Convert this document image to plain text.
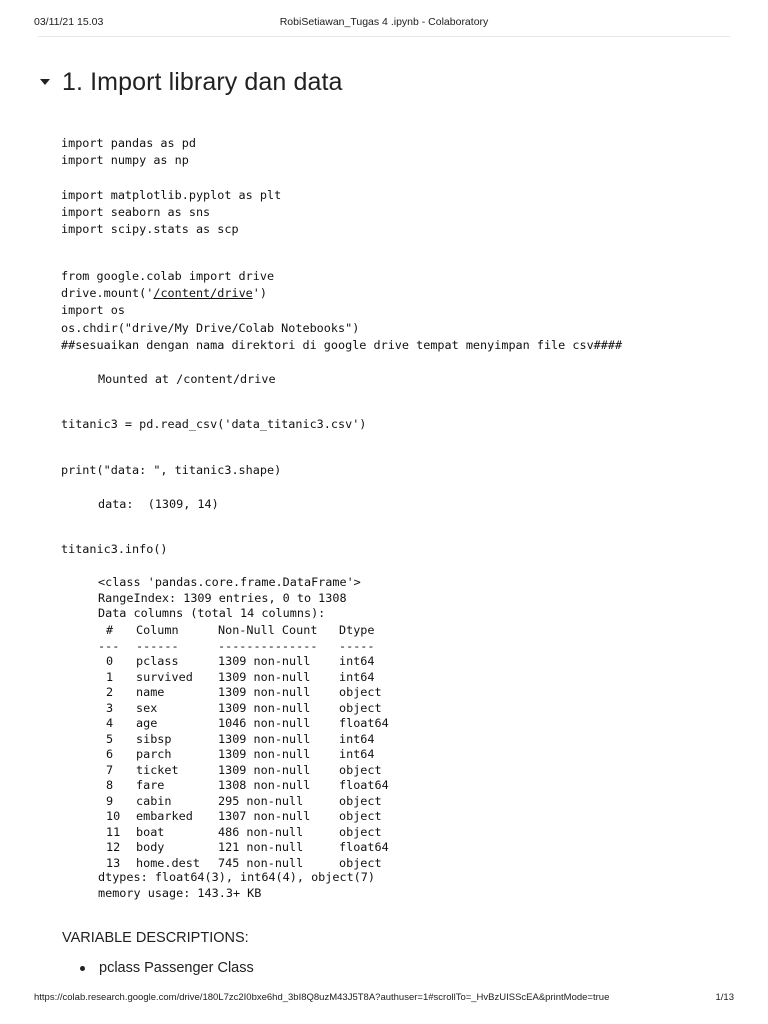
03/11/21 15.03	RobiSetiawan_Tugas 4 .ipynb - Colaboratory
1. Import library dan data
import pandas as pd
import numpy as np
import matplotlib.pyplot as plt
import seaborn as sns
import scipy.stats as scp
from google.colab import drive
drive.mount('/content/drive')
import os
os.chdir("drive/My Drive/Colab Notebooks")
##sesuaikan dengan nama direktori di google drive tempat menyimpan file csv####
Mounted at /content/drive
titanic3 = pd.read_csv('data_titanic3.csv')
print("data: ", titanic3.shape)
data:  (1309, 14)
titanic3.info()
<class 'pandas.core.frame.DataFrame'>
RangeIndex: 1309 entries, 0 to 1308
Data columns (total 14 columns):
#	Column	Non-Null Count	Dtype
---	------	--------------	-----
0	pclass	1309 non-null	int64
1	survived	1309 non-null	int64
2	name	1309 non-null	object
3	sex	1309 non-null	object
4	age	1046 non-null	float64
5	sibsp	1309 non-null	int64
6	parch	1309 non-null	int64
7	ticket	1309 non-null	object
8	fare	1308 non-null	float64
9	cabin	295 non-null	object
10	embarked	1307 non-null	object
11	boat	486 non-null	object
12	body	121 non-null	float64
13	home.dest	745 non-null	object
dtypes: float64(3), int64(4), object(7)
memory usage: 143.3+ KB
VARIABLE DESCRIPTIONS:
pclass Passenger Class
https://colab.research.google.com/drive/180L7zc2I0bxe6hd_3bI8Q8uzM43J5T8A?authuser=1#scrollTo=_HvBzUISScEA&printMode=true	1/13
